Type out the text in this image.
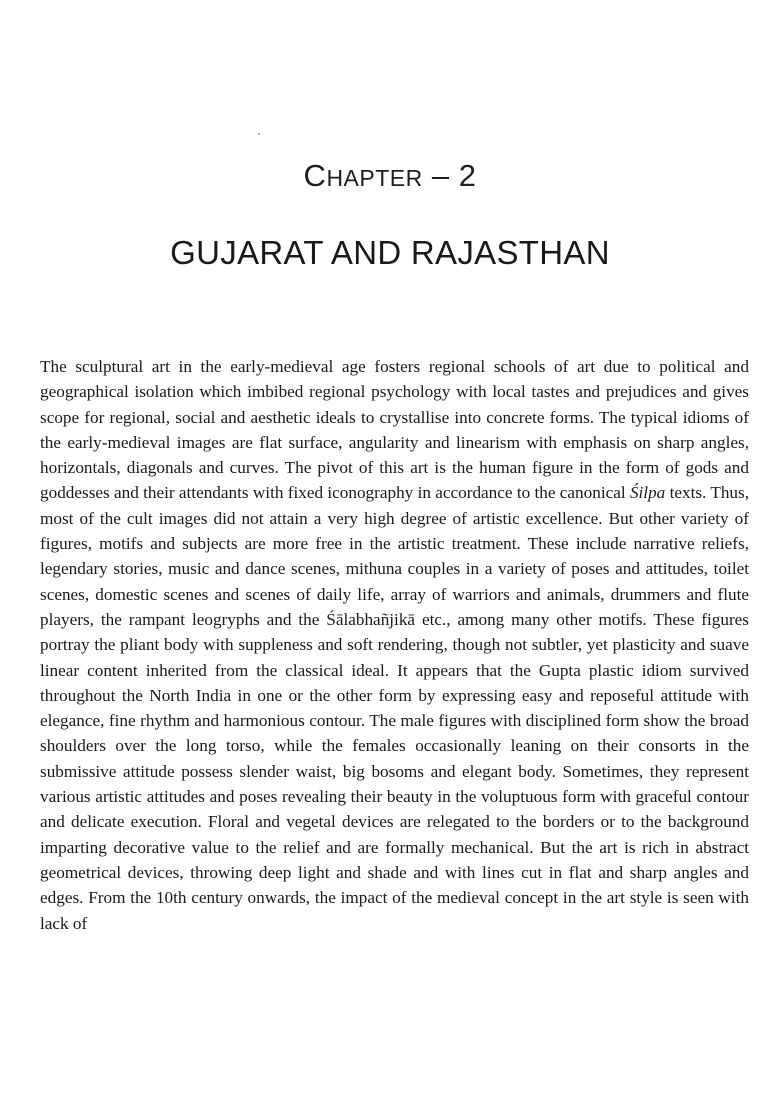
CHAPTER – 2
GUJARAT AND RAJASTHAN

The sculptural art in the early-medieval age fosters regional schools of art due to political and geographical isolation which imbibed regional psychology with local tastes and prejudices and gives scope for regional, social and aesthetic ideals to crystallise into concrete forms. The typical idioms of the early-medieval images are flat surface, angularity and linearism with emphasis on sharp angles, horizontals, diagonals and curves. The pivot of this art is the human figure in the form of gods and goddesses and their attendants with fixed iconography in accordance to the canonical Śilpa texts. Thus, most of the cult images did not attain a very high degree of artistic excellence. But other variety of figures, motifs and subjects are more free in the artistic treatment. These include narrative reliefs, legendary stories, music and dance scenes, mithuna couples in a variety of poses and attitudes, toilet scenes, domestic scenes and scenes of daily life, array of warriors and animals, drummers and flute players, the rampant leogryphs and the Śālabhañjikā etc., among many other motifs. These figures portray the pliant body with suppleness and soft rendering, though not subtler, yet plasticity and suave linear content inherited from the classical ideal. It appears that the Gupta plastic idiom survived throughout the North India in one or the other form by expressing easy and reposeful attitude with elegance, fine rhythm and harmonious contour. The male figures with disciplined form show the broad shoulders over the long torso, while the females occasionally leaning on their consorts in the submissive attitude possess slender waist, big bosoms and elegant body. Sometimes, they represent various artistic attitudes and poses revealing their beauty in the voluptuous form with graceful contour and delicate execution. Floral and vegetal devices are relegated to the borders or to the background imparting decorative value to the relief and are formally mechanical. But the art is rich in abstract geometrical devices, throwing deep light and shade and with lines cut in flat and sharp angles and edges. From the 10th century onwards, the impact of the medieval concept in the art style is seen with lack of
